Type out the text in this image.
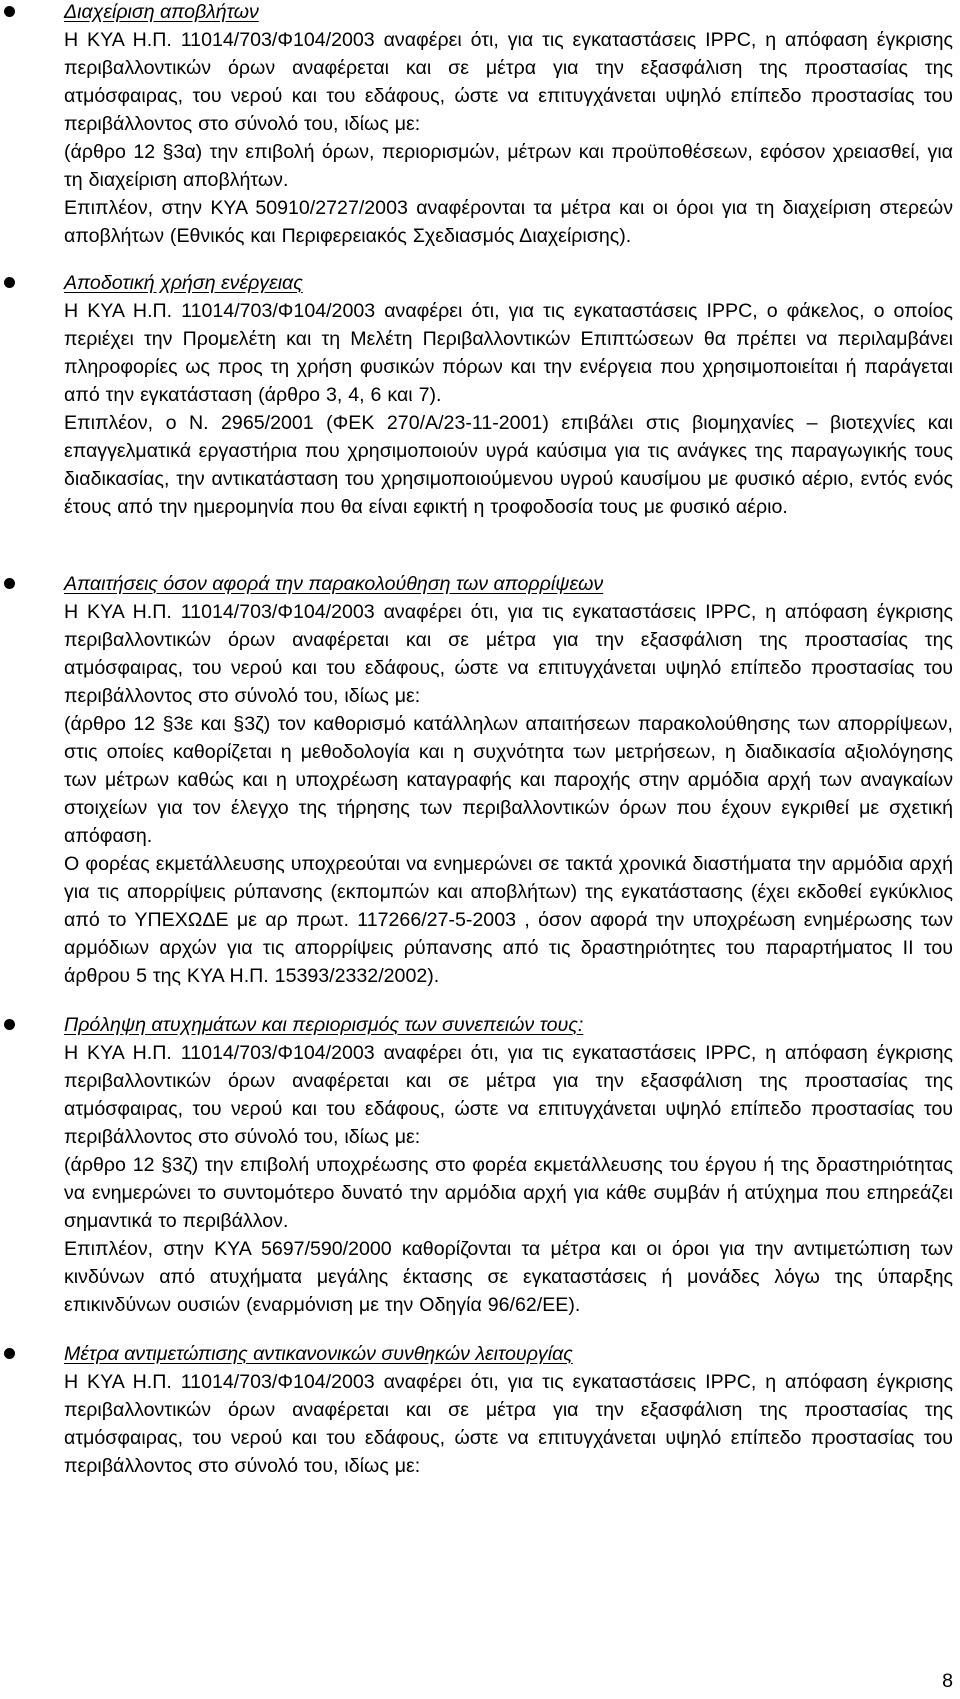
Διαχείριση αποβλήτων

Η ΚΥΑ Η.Π. 11014/703/Φ104/2003 αναφέρει ότι, για τις εγκαταστάσεις IPPC, η απόφαση έγκρισης περιβαλλοντικών όρων αναφέρεται και σε μέτρα για την εξασφάλιση της προστασίας της ατμόσφαιρας, του νερού και του εδάφους, ώστε να επιτυγχάνεται υψηλό επίπεδο προστασίας του περιβάλλοντος στο σύνολό του, ιδίως με:

(άρθρο 12 §3α) την επιβολή όρων, περιορισμών, μέτρων και προϋποθέσεων, εφόσον χρειασθεί, για τη διαχείριση αποβλήτων.

Επιπλέον, στην ΚΥΑ 50910/2727/2003 αναφέρονται τα μέτρα και οι όροι για τη διαχείριση στερεών αποβλήτων (Εθνικός και Περιφερειακός Σχεδιασμός Διαχείρισης).

Αποδοτική χρήση ενέργειας

Η ΚΥΑ Η.Π. 11014/703/Φ104/2003 αναφέρει ότι, για τις εγκαταστάσεις IPPC, ο φάκελος, ο οποίος περιέχει την Προμελέτη και τη Μελέτη Περιβαλλοντικών Επιπτώσεων θα πρέπει να περιλαμβάνει πληροφορίες ως προς τη χρήση φυσικών πόρων και την ενέργεια που χρησιμοποιείται ή παράγεται από την εγκατάσταση (άρθρο 3, 4, 6 και 7).

Επιπλέον, ο Ν. 2965/2001 (ΦΕΚ 270/Α/23-11-2001) επιβάλει στις βιομηχανίες – βιοτεχνίες και επαγγελματικά εργαστήρια που χρησιμοποιούν υγρά καύσιμα για τις ανάγκες της παραγωγικής τους διαδικασίας, την αντικατάσταση του χρησιμοποιούμενου υγρού καυσίμου με φυσικό αέριο, εντός ενός έτους από την ημερομηνία που θα είναι εφικτή η τροφοδοσία τους με φυσικό αέριο.

Απαιτήσεις όσον αφορά την παρακολούθηση των απορρίψεων

Η ΚΥΑ Η.Π. 11014/703/Φ104/2003 αναφέρει ότι, για τις εγκαταστάσεις IPPC, η απόφαση έγκρισης περιβαλλοντικών όρων αναφέρεται και σε μέτρα για την εξασφάλιση της προστασίας της ατμόσφαιρας, του νερού και του εδάφους, ώστε να επιτυγχάνεται υψηλό επίπεδο προστασίας του περιβάλλοντος στο σύνολό του, ιδίως με:

(άρθρο 12 §3ε και §3ζ) τον καθορισμό κατάλληλων απαιτήσεων παρακολούθησης των απορρίψεων, στις οποίες καθορίζεται η μεθοδολογία και η συχνότητα των μετρήσεων, η διαδικασία αξιολόγησης των μέτρων καθώς και η υποχρέωση καταγραφής και παροχής στην αρμόδια αρχή των αναγκαίων στοιχείων για τον έλεγχο της τήρησης των περιβαλλοντικών όρων που έχουν εγκριθεί με σχετική απόφαση.

Ο φορέας εκμετάλλευσης υποχρεούται να ενημερώνει σε τακτά χρονικά διαστήματα την αρμόδια αρχή για τις απορρίψεις ρύπανσης (εκπομπών και αποβλήτων) της εγκατάστασης (έχει εκδοθεί εγκύκλιος από το ΥΠΕΧΩΔΕ με αρ πρωτ. 117266/27-5-2003 , όσον αφορά την υποχρέωση ενημέρωσης των αρμόδιων αρχών για τις απορρίψεις ρύπανσης από τις δραστηριότητες του παραρτήματος ΙΙ του άρθρου 5 της ΚΥΑ Η.Π. 15393/2332/2002).

Πρόληψη ατυχημάτων και περιορισμός των συνεπειών τους:

Η ΚΥΑ Η.Π. 11014/703/Φ104/2003 αναφέρει ότι, για τις εγκαταστάσεις IPPC, η απόφαση έγκρισης περιβαλλοντικών όρων αναφέρεται και σε μέτρα για την εξασφάλιση της προστασίας της ατμόσφαιρας, του νερού και του εδάφους, ώστε να επιτυγχάνεται υψηλό επίπεδο προστασίας του περιβάλλοντος στο σύνολό του, ιδίως με:

(άρθρο 12 §3ζ) την επιβολή υποχρέωσης στο φορέα εκμετάλλευσης του έργου ή της δραστηριότητας να ενημερώνει το συντομότερο δυνατό την αρμόδια αρχή για κάθε συμβάν ή ατύχημα που επηρεάζει σημαντικά το περιβάλλον.

Επιπλέον, στην ΚΥΑ 5697/590/2000 καθορίζονται τα μέτρα και οι όροι για την αντιμετώπιση των κινδύνων από ατυχήματα μεγάλης έκτασης σε εγκαταστάσεις ή μονάδες λόγω της ύπαρξης επικινδύνων ουσιών (εναρμόνιση με την Οδηγία 96/62/ΕΕ).

Μέτρα αντιμετώπισης αντικανονικών συνθηκών λειτουργίας

Η ΚΥΑ Η.Π. 11014/703/Φ104/2003 αναφέρει ότι, για τις εγκαταστάσεις IPPC, η απόφαση έγκρισης περιβαλλοντικών όρων αναφέρεται και σε μέτρα για την εξασφάλιση της προστασίας της ατμόσφαιρας, του νερού και του εδάφους, ώστε να επιτυγχάνεται υψηλό επίπεδο προστασίας του περιβάλλοντος στο σύνολό του, ιδίως με:

8
